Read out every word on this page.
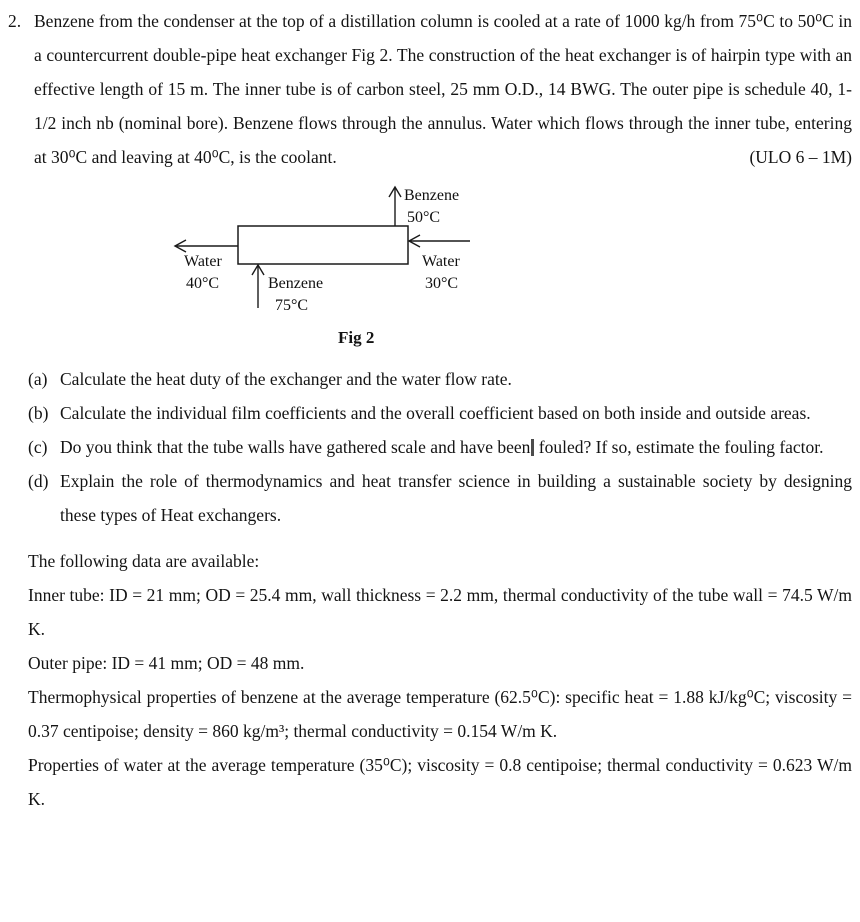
2. Benzene from the condenser at the top of a distillation column is cooled at a rate of 1000 kg/h from 75⁰C to 50⁰C in a countercurrent double-pipe heat exchanger Fig 2. The construction of the heat exchanger is of hairpin type with an effective length of 15 m. The inner tube is of carbon steel, 25 mm O.D., 14 BWG. The outer pipe is schedule 40, 1-1/2 inch nb (nominal bore). Benzene flows through the annulus. Water which flows through the inner tube, entering at 30⁰C and leaving at 40⁰C, is the coolant.	(ULO 6 – 1M)
Benzene
50°C
Water
40°C
Water
30°C
Benzene
75°C
Fig 2
(a) Calculate the heat duty of the exchanger and the water flow rate.
(b) Calculate the individual film coefficients and the overall coefficient based on both inside and outside areas.
(c) Do you think that the tube walls have gathered scale and have been fouled? If so, estimate the fouling factor.
(d) Explain the role of thermodynamics and heat transfer science in building a sustainable society by designing these types of Heat exchangers.

The following data are available:

Inner tube: ID = 21 mm; OD = 25.4 mm, wall thickness = 2.2 mm, thermal conductivity of the tube wall = 74.5 W/m K.

Outer pipe: ID = 41 mm; OD = 48 mm.

Thermophysical properties of benzene at the average temperature (62.5⁰C): specific heat = 1.88 kJ/kg⁰C; viscosity = 0.37 centipoise; density = 860 kg/m³; thermal conductivity = 0.154 W/m K.

Properties of water at the average temperature (35⁰C); viscosity = 0.8 centipoise; thermal conductivity = 0.623 W/m K.
